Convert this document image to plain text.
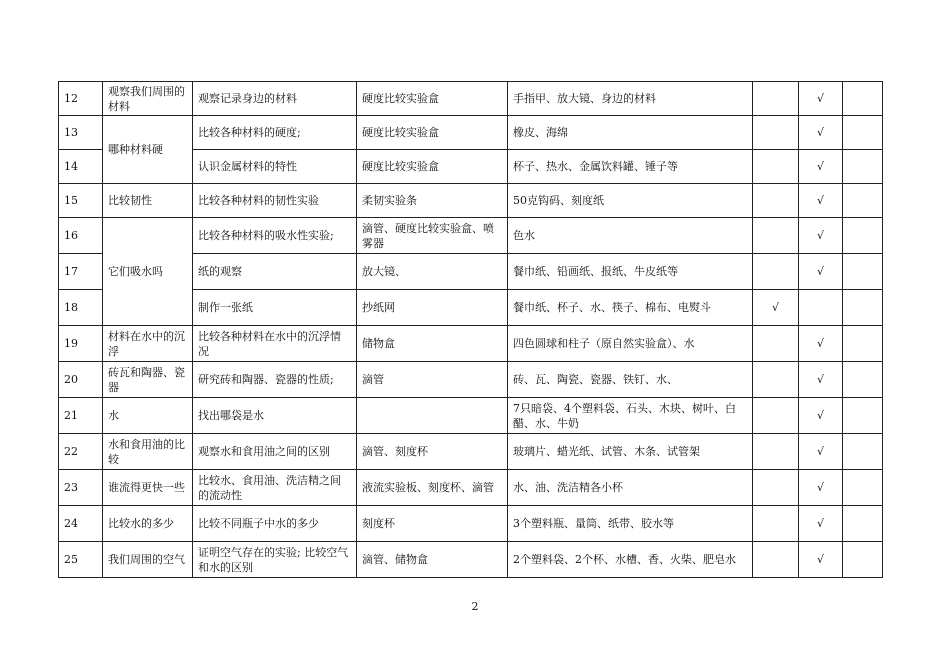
12	观察我们周围的材料	观察记录身边的材料	硬度比较实验盒	手指甲、放大镜、身边的材料		√	
13	哪种材料硬	比较各种材料的硬度;	硬度比较实验盒	橡皮、海绵		√	
14		认识金属材料的特性	硬度比较实验盒	杯子、热水、金属饮料罐、锤子等		√	
15	比较韧性	比较各种材料的韧性实验	柔韧实验条	50克钩码、刻度纸		√	
16	它们吸水吗	比较各种材料的吸水性实验;	滴管、硬度比较实验盒、喷雾器	色水		√	
17		纸的观察	放大镜、	餐巾纸、铅画纸、报纸、牛皮纸等		√	
18		制作一张纸	抄纸网	餐巾纸、杯子、水、筷子、棉布、电熨斗	√		
19	材料在水中的沉浮	比较各种材料在水中的沉浮情况	储物盒	四色圆球和柱子（原自然实验盒）、水		√	
20	砖瓦和陶器、瓷器	研究砖和陶器、瓷器的性质;	滴管	砖、瓦、陶瓷、瓷器、铁钉、水、		√	
21	水	找出哪袋是水		7只暗袋、4个塑料袋、石头、木块、树叶、白醋、水、牛奶		√	
22	水和食用油的比较	观察水和食用油之间的区别	滴管、刻度杯	玻璃片、蜡光纸、试管、木条、试管架		√	
23	谁流得更快一些	比较水、食用油、洗洁精之间的流动性	液流实验板、刻度杯、滴管	水、油、洗洁精各小杯		√	
24	比较水的多少	比较不同瓶子中水的多少	刻度杯	3个塑料瓶、量筒、纸带、胶水等		√	
25	我们周围的空气	证明空气存在的实验; 比较空气和水的区别	滴管、储物盒	2个塑料袋、2个杯、水槽、香、火柴、肥皂水		√	
2
